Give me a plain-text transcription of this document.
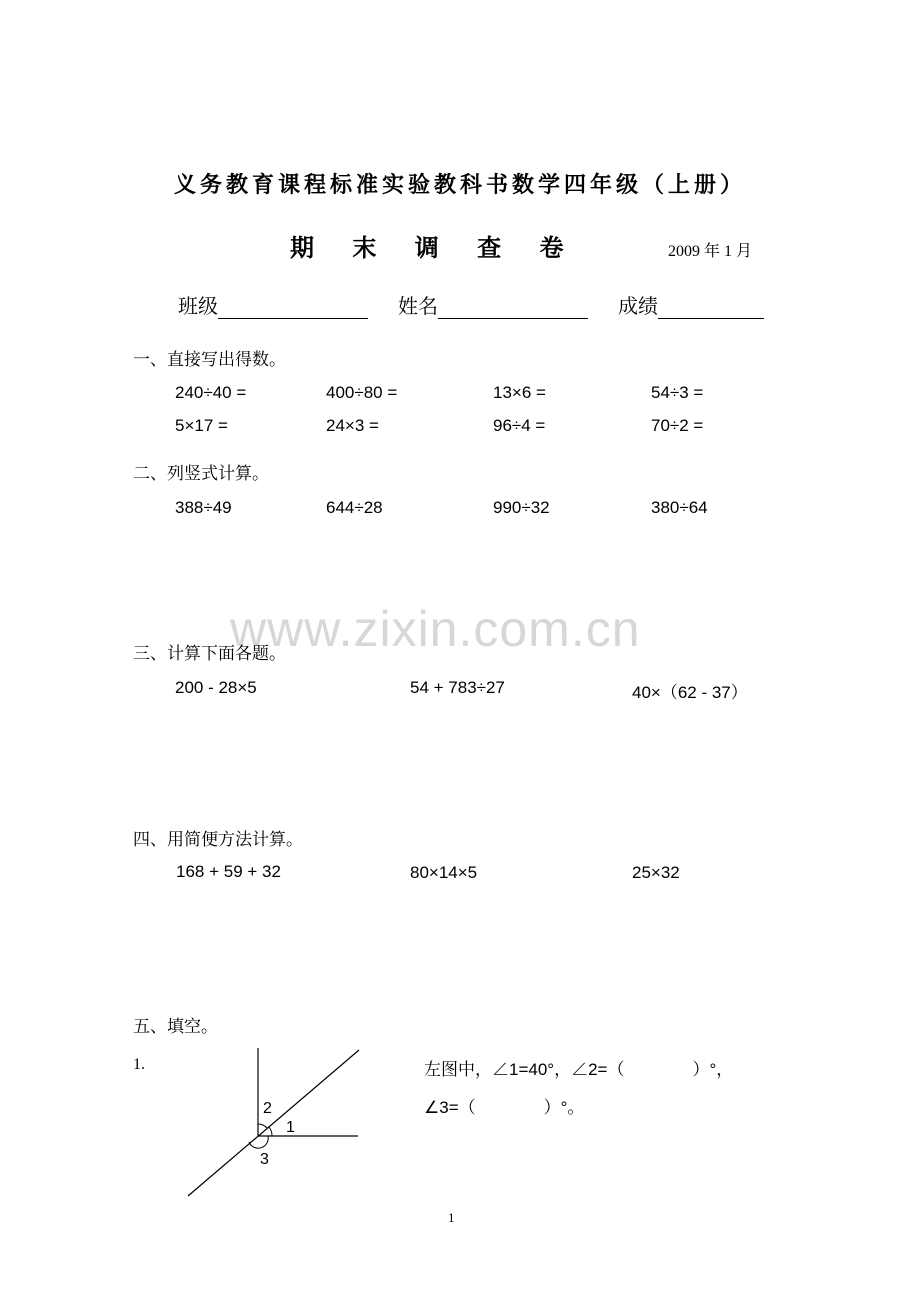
义务教育课程标准实验教科书数学四年级（上册）
期 末 调 查 卷	2009 年 1 月
班级	姓名	成绩
一、直接写出得数。
240÷40 =	400÷80 =	13×6 =	54÷3 =
5×17 =	24×3 =	96÷4 =	70÷2 =
二、列竖式计算。
388÷49	644÷28	990÷32	380÷64
www.zixin.com.cn
三、计算下面各题。
200 - 28×5	54 + 783÷27	40×（62 - 37）
四、用简便方法计算。
168 + 59 + 32	80×14×5	25×32
五、填空。
1.
1
2
3
左图中，∠1=40°，∠2=（　　　　）°，
∠3=（　　　　）°。
1
